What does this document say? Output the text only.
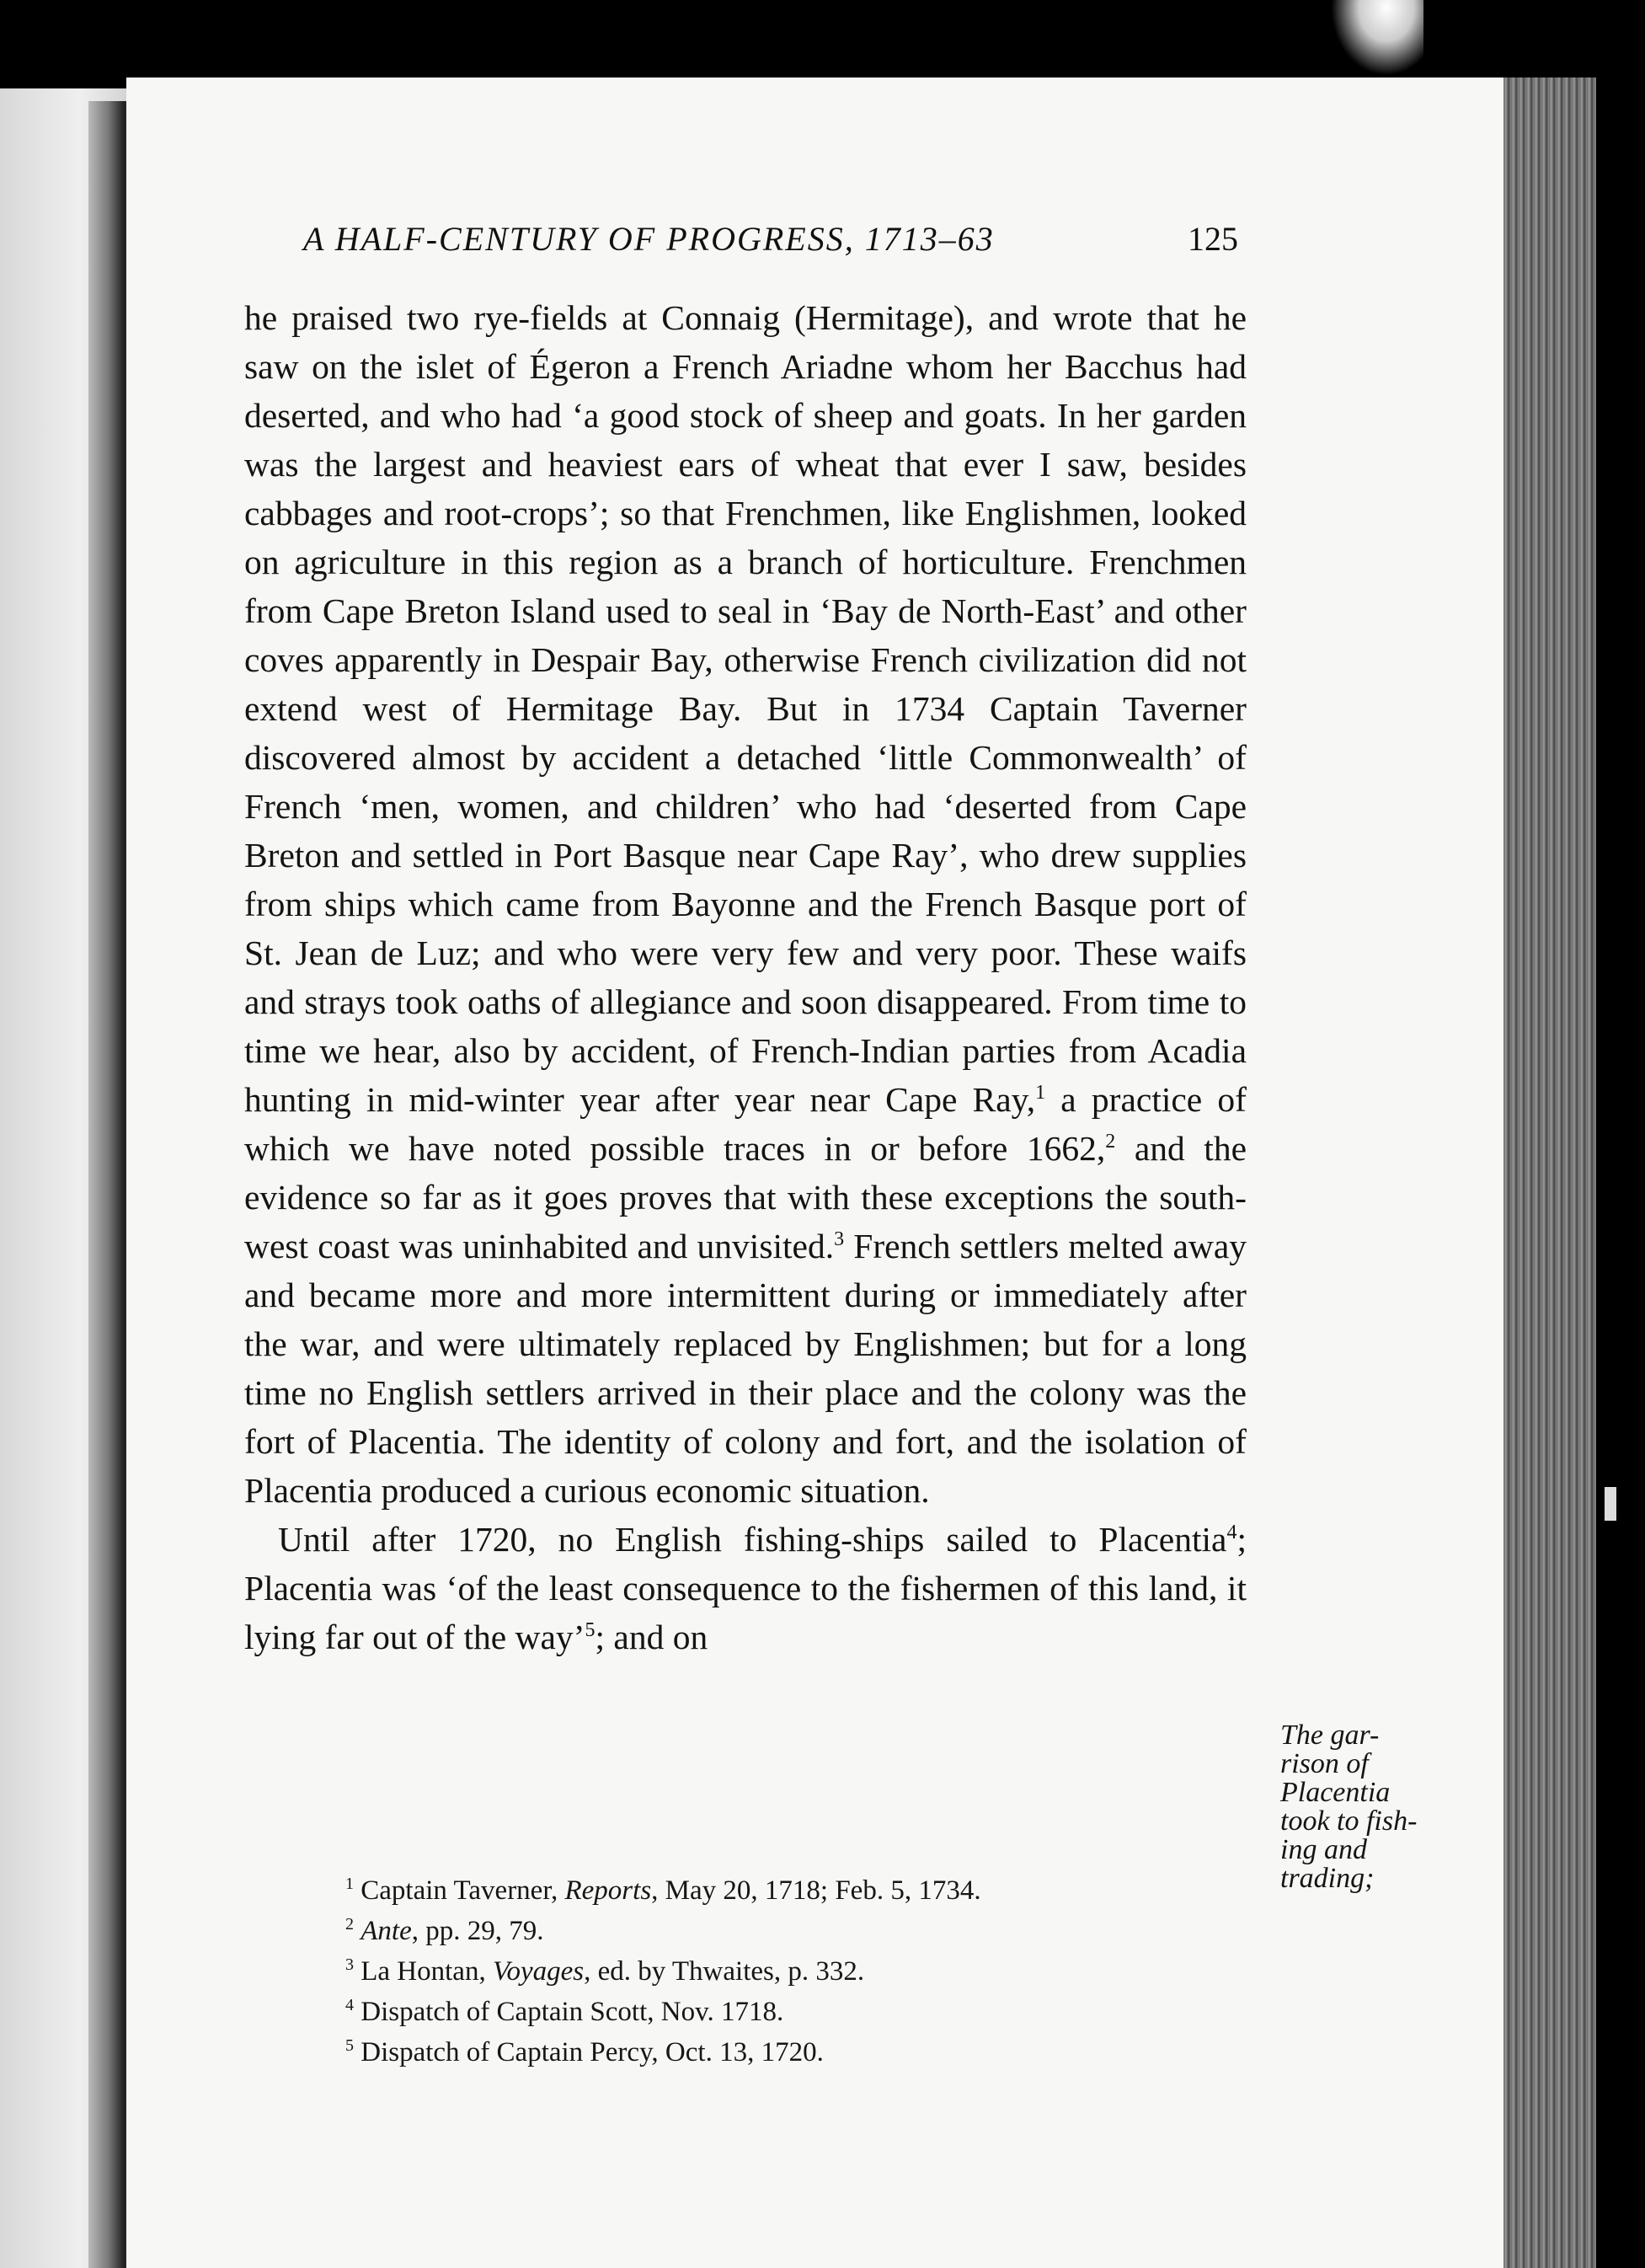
A HALF-CENTURY OF PROGRESS, 1713–63	125

he praised two rye-fields at Connaig (Hermitage), and wrote that he saw on the islet of Égeron a French Ariadne whom her Bacchus had deserted, and who had ‘a good stock of sheep and goats. In her garden was the largest and heaviest ears of wheat that ever I saw, besides cabbages and root-crops’; so that Frenchmen, like Englishmen, looked on agriculture in this region as a branch of horticulture. Frenchmen from Cape Breton Island used to seal in ‘Bay de North-East’ and other coves apparently in Despair Bay, otherwise French civilization did not extend west of Hermitage Bay. But in 1734 Captain Taverner discovered almost by accident a detached ‘little Commonwealth’ of French ‘men, women, and children’ who had ‘deserted from Cape Breton and settled in Port Basque near Cape Ray’, who drew supplies from ships which came from Bayonne and the French Basque port of St. Jean de Luz; and who were very few and very poor. These waifs and strays took oaths of allegiance and soon disappeared. From time to time we hear, also by accident, of French-Indian parties from Acadia hunting in mid-winter year after year near Cape Ray,$^1$ a practice of which we have noted possible traces in or before 1662,$^2$ and the evidence so far as it goes proves that with these exceptions the south-west coast was uninhabited and unvisited.$^3$ French settlers melted away and became more and more intermittent during or immediately after the war, and were ultimately replaced by Englishmen; but for a long time no English settlers arrived in their place and the colony was the fort of Placentia. The identity of colony and fort, and the isolation of Placentia produced a curious economic situation.

Until after 1720, no English fishing-ships sailed to Placentia$^4$; Placentia was ‘of the least consequence to the fishermen of this land, it lying far out of the way’$^5$; and on

The gar-
rison of
Placentia
took to fish-
ing and
trading;
$^1$ Captain Taverner, Reports, May 20, 1718; Feb. 5, 1734.
$^2$ Ante, pp. 29, 79.
$^3$ La Hontan, Voyages, ed. by Thwaites, p. 332.
$^4$ Dispatch of Captain Scott, Nov. 1718.
$^5$ Dispatch of Captain Percy, Oct. 13, 1720.
